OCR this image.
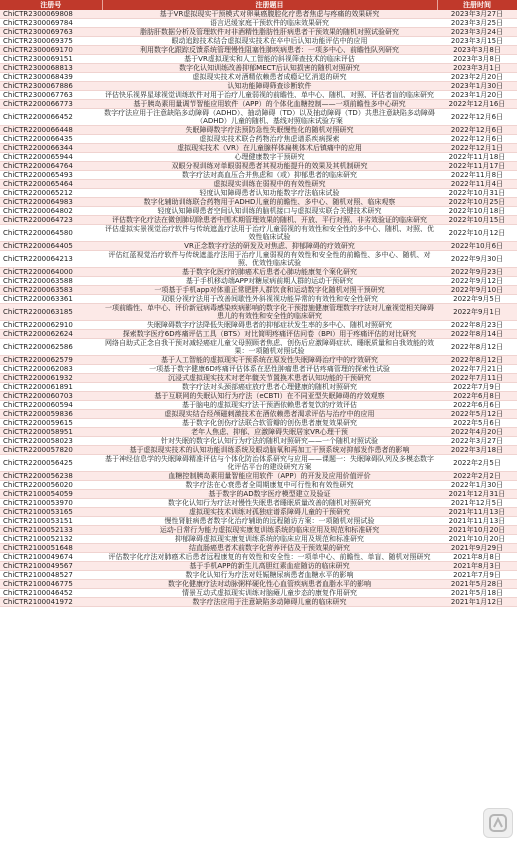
注册号	注册题目	注册时间
ChiCTR2300069808	基于VR虚拟现实干预模式对卵巢癌腹腔化疗患者焦虑与疼痛的效果研究	2023年3月27日
ChiCTR2300069784	语言迟缓家庭干预软件的临床效果研究	2023年3月25日
ChiCTR2300069763	脂肪肝数据分析及管理软件对非酒精性脂肪性肝病患者干预效果的随机对照试验研究	2023年3月24日
ChiCTR2300069375	眼动追踪技术结合虚拟现实技术在卒中后认知功能评估中的应用	2023年3月15日
ChiCTR2300069170	利用数字化跟踪反馈系统管理慢性阻塞性肺疾病患者：一项多中心、前瞻性队列研究	2023年3月8日
ChiCTR2300069151	基于VR虚拟现实和人工智能的斜视筛查技术的临床评估	2023年3月8日
ChiCTR2300068813	数字化认知训练改善抑郁MECT后认知损害的随机对照研究	2023年3月1日
ChiCTR2300068439	虚拟现实技术对酒精依赖患者成瘾记忆消退的研究	2023年2月20日
ChiCTR2300067886	认知功能障碍筛查诊断软件	2023年1月30日
ChiCTR2300067763	评估快乐视界星球视觉训练软件对用于治疗儿童弱视的前瞻性、单中心、随机、对照、评估者盲的临床研究	2023年1月20日
ChiCTR2200066773	基于胰岛素用量调节智能应用软件（APP）的个体化血糖控制——一项前瞻性多中心研究	2022年12月16日
ChiCTR2200066452	数字疗法应用于注意缺陷多动障碍（ADHD）、抽动障碍（TD）以及抽动障碍（TD）共患注意缺陷多动障碍（ADHD）儿童的随机、基线对照临床试验方案	2022年12月6日
ChiCTR2200066448	失眠障碍数字疗法预防急性失眠慢性化的随机对照研究	2022年12月6日
ChiCTR2200066435	虚拟现实技术联合药物治疗焦虑谱系疾病探索	2022年12月6日
ChiCTR2200066344	虚拟现实技术（VR）在儿童腺样体扁桃体术后镇痛中的应用	2022年12月1日
ChiCTR2200065944	心理健康数字干预研究	2022年11月18日
ChiCTR2200064764	双眼分视训练对单眼弱视患者其视功能提升的效果及其机制研究	2022年11月17日
ChiCTR2200065493	数字疗法对高血压合并焦虑和（或）抑郁患者的临床研究	2022年11月8日
ChiCTR2200065464	虚拟现实训练在弱视中的有效性研究	2022年11月4日
ChiCTR2200065212	轻度认知障碍患者认知功能数字疗法临床试验	2022年10月31日
ChiCTR2200064983	数字化辅助训练联合药物用于ADHD儿童的前瞻性、多中心、随机对照、临床观察	2022年10月25日
ChiCTR2200064802	轻度认知障碍患者空间认知训练的脑机接口与虚拟现实联合关键技术研究	2022年10月18日
ChiCTR2200064723	评估数字化疗法在微创肺切除患者中围术期管理效果的随机、开放、平行对照、非劣效验证的临床研究	2022年10月15日
ChiCTR2200064580	评估虚拟实景视觉治疗软件与传统遮盖疗法用于治疗儿童弱视的有效性和安全性的多中心、随机、对照、优效性临床试验	2022年10月12日
ChiCTR2200064405	VR正念数字疗法的研发及对焦虑、抑郁障碍的疗效研究	2022年10月6日
ChiCTR2200064213	评估红蓝视觉治疗软件与传统遮盖疗法用于治疗儿童弱视的有效性和安全性的前瞻性、多中心、随机、对照、优效性临床试验	2022年9月30日
ChiCTR2200064000	基于数字化医疗的肺癌术后患者心肺功能康复个案化研究	2022年9月23日
ChiCTR2200063588	基于手机移动端APP对糖尿病前期人群的运动干预研究	2022年9月12日
ChiCTR2200063583	一项基于手机app对体重正常肥胖人群饮食和运动数字化随机对照干预研究	2022年9月10日
ChiCTR2200063361	双眼分视疗法用于改善间歇性外斜视视功能异常的有效性和安全性研究	2022年9月5日
ChiCTR2200063185	一项前瞻性、单中心、评价新冠病毒感染疾病影响的数字化干预措施健康管理数字疗法对儿童视觉相关障碍患儿的有效性和安全性的临床研究	2022年9月1日
ChiCTR2200062910	失眠障碍数字疗法降低失眠障碍患者的抑郁症状发生率的多中心、随机对照研究	2022年8月23日
ChiCTR2200062624	探索数字医疗6D疼痛评估工具（BTS）对比简明疼痛评估问卷（BPI）用于疼痛评估的对比研究	2022年8月14日
ChiCTR2200062586	网络自助式正念自我干预对减轻癌症儿童父母照顾者焦虑、创伤后应激障碍症状、睡眠质量和自我效能的效果：一项随机对照试验	2022年8月12日
ChiCTR2200062579	基于人工智能的虚拟现实干预系统在原发性失眠障碍治疗中的疗效研究	2022年8月12日
ChiCTR2200062083	一项基于数字健康6D疼痛评估体系在恶性肿瘤患者评估疼痛管理的探索性试验	2022年7月21日
ChiCTR2200061932	沉浸式虚拟现实技术对老年髋关节置换术患者认知功能的干预研究	2022年7月11日
ChiCTR2200061891	数字疗法对头颈部癌症放疗患者心理健康的随机对照研究	2022年7月9日
ChiCTR2200060703	基于互联网的失眠认知行为疗法（eCBTI）在不同亚型失眠障碍的疗效观察	2022年6月8日
ChiCTR2200060594	基于脑电的虚拟现实疗法干预酒依赖患者复饮的疗效评估	2022年6月6日
ChiCTR2200059836	虚拟现实结合经颅磁刺激技术在酒依赖患者渴求评估与治疗中的应用	2022年5月12日
ChiCTR2200059615	基于数字化创伤疗法联合软管瓣的创伤患者康复效果研究	2022年5月6日
ChiCTR2200058951	老年人焦虑、抑郁、应激障碍失眠居家VR心理干预	2022年4月20日
ChiCTR2200058023	针对失眠的数字化认知行为疗法的随机对照研究——一个随机对照试验	2022年3月27日
ChiCTR2200057820	基于虚拟现实技术的认知功能训练系统及眼动脑氧和再加工干预系统对抑郁发作患者的影响	2022年3月18日
ChiCTR2200056425	基于神经信息学的失眠障碍精准评估与个体化防治体系研究与应用——课题一：失眠障碍队列及多模态数字化评估平台的建设研究方案	2022年2月5日
ChiCTR2200056238	血糖控制胰岛素用量智能应用软件（APP）的开发及应用价值评价	2022年2月2日
ChiCTR2200056020	数字疗法在心衰患者全周期康复中可行性和有效性研究	2022年1月30日
ChiCTR2100054059	基于数字的AD数字医疗模型建立及验证	2021年12月31日
ChiCTR2100053970	数字化认知行为疗法对慢性失眠患者睡眠质量改善的随机对照研究	2021年12月5日
ChiCTR2100053165	虚拟现实技术训练对孤独症谱系障碍儿童的干预研究	2021年11月13日
ChiCTR2100053151	慢性肾脏病患者数字化治疗辅助的远程随访方案：一项随机对照试验	2021年11月13日
ChiCTR2100052133	运动-日常行为能力虚拟现实康复训练系统的临床应用及规范和标准研究	2021年10月20日
ChiCTR2100052132	抑郁障碍虚拟现实康复训练系统的临床应用及规范和标准研究	2021年10月20日
ChiCTR2100051648	结直肠癌患者术前数字化营养评估及干预效果的研究	2021年9月29日
ChiCTR2100049674	评估数字化疗法对肺癌术后患者远程康复的有效性和安全性：一项单中心、前瞻性、单盲、随机对照研究	2021年8月8日
ChiCTR2100049567	基于手机APP的新生儿高胆红素血症随访的临床研究	2021年8月3日
ChiCTR2100048527	数字化认知行为疗法对妊娠糖尿病患者血糖水平的影响	2021年7月9日
ChiCTR2100046775	数字化健康疗法对动脉粥样硬化性心血管疾病患者血脂水平的影响	2021年5月28日
ChiCTR2100046452	情景互动式虚拟现实训练对脑瘫儿童步态的康复作用研究	2021年5月18日
ChiCTR2100041972	数字疗法应用于注意缺陷多动障碍儿童的临床研究	2021年1月12日
